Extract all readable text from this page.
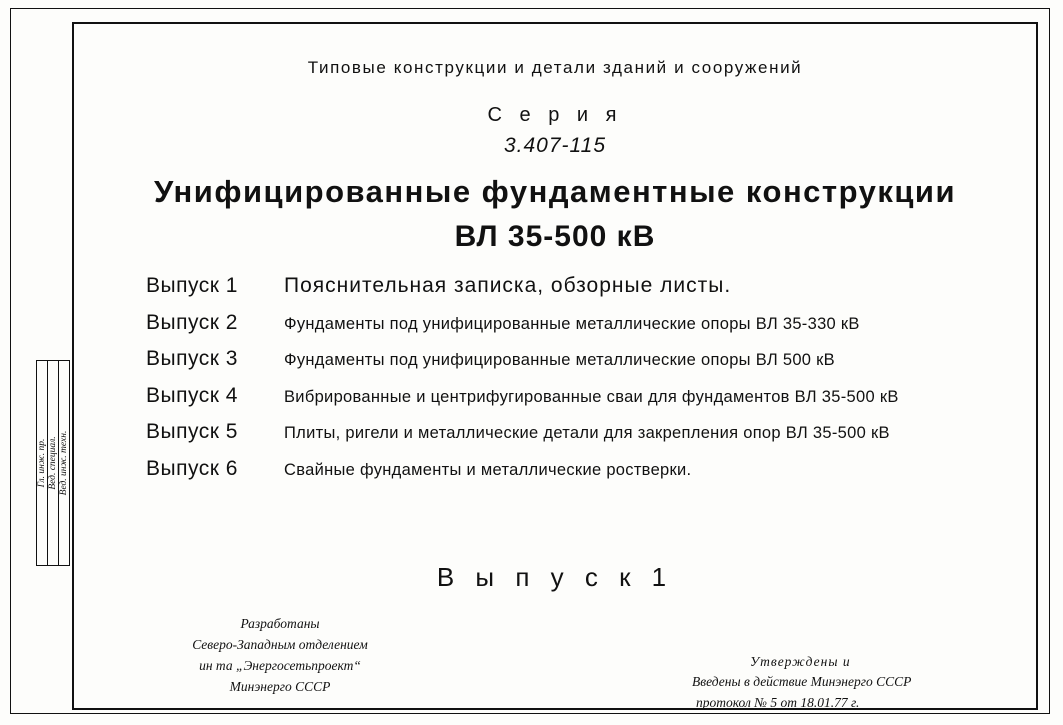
Гл. инж. пр. Вед. специал. Вед. инж. техн.
Типовые конструкции и детали зданий и сооружений
С е р и я
3.407-115
Унифицированные фундаментные конструкции
ВЛ 35-500 кВ
Выпуск 1	Пояснительная записка, обзорные листы.
Выпуск 2	Фундаменты под унифицированные металлические опоры ВЛ 35-330 кВ
Выпуск 3	Фундаменты под унифицированные металлические опоры ВЛ 500 кВ
Выпуск 4	Вибрированные и центрифугированные сваи для фундаментов ВЛ 35-500 кВ
Выпуск 5	Плиты, ригели и металлические детали для закрепления опор ВЛ 35-500 кВ
Выпуск 6	Свайные фундаменты и металлические ростверки.
В ы п у с к 1
Разработаны
Северо-Западным отделением
ин та „Энергосетьпроект“
Минэнерго СССР
Утверждены и
Введены в действие Минэнерго СССР
протокол № 5 от 18.01.77 г.
